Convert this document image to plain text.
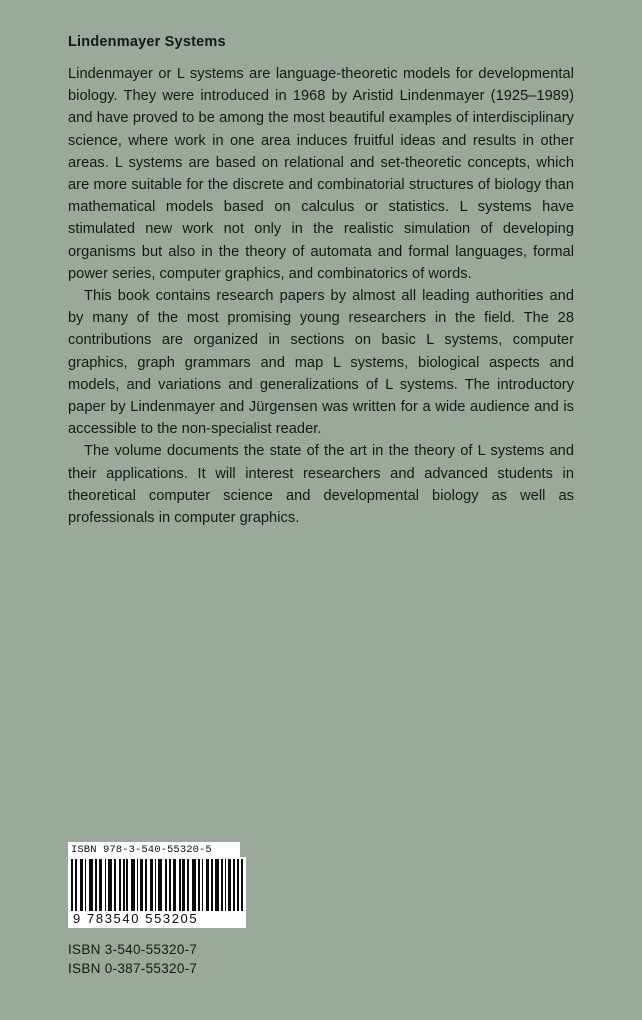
Lindenmayer Systems

Lindenmayer or L systems are language-theoretic models for developmental biology. They were introduced in 1968 by Aristid Lindenmayer (1925–1989) and have proved to be among the most beautiful examples of interdisciplinary science, where work in one area induces fruitful ideas and results in other areas. L systems are based on relational and set-theoretic concepts, which are more suitable for the discrete and combinatorial structures of biology than mathematical models based on calculus or statistics. L systems have stimulated new work not only in the realistic simulation of developing organisms but also in the theory of automata and formal languages, formal power series, computer graphics, and combinatorics of words.

This book contains research papers by almost all leading authorities and by many of the most promising young researchers in the field. The 28 contributions are organized in sections on basic L systems, computer graphics, graph grammars and map L systems, biological aspects and models, and variations and generalizations of L systems. The introductory paper by Lindenmayer and Jürgensen was written for a wide audience and is accessible to the non-specialist reader.

The volume documents the state of the art in the theory of L systems and their applications. It will interest researchers and advanced students in theoretical computer science and developmental biology as well as professionals in computer graphics.

ISBN 978-3-540-55320-5
9 783540 553205
ISBN 3-540-55320-7
ISBN 0-387-55320-7
